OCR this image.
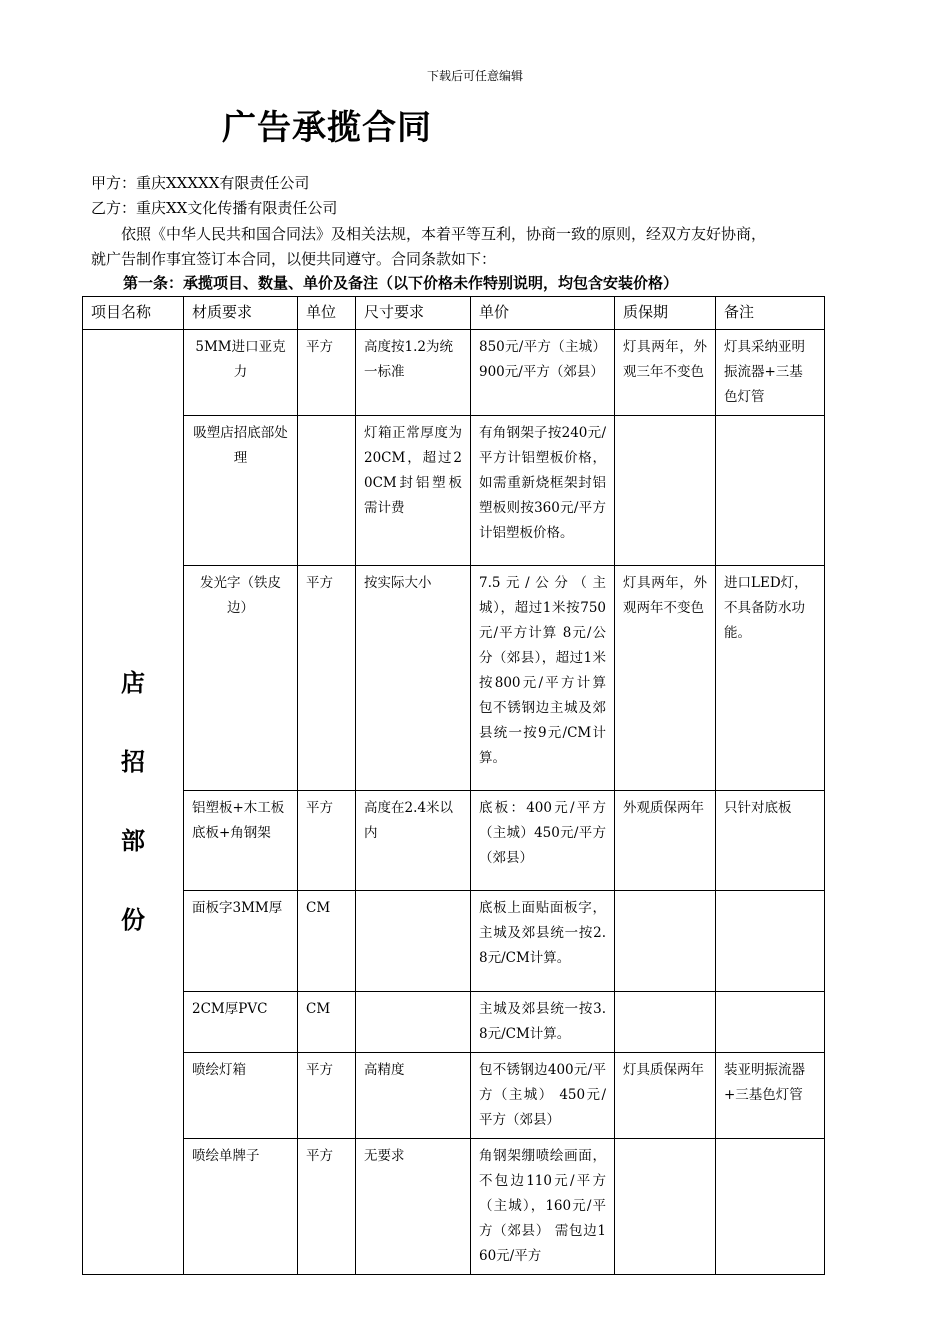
下载后可任意编辑
广告承揽合同
甲方：重庆XXXXX有限责任公司
乙方：重庆XX文化传播有限责任公司
依照《中华人民共和国合同法》及相关法规，本着平等互利，协商一致的原则，经双方友好协商，
就广告制作事宜签订本合同，以便共同遵守。合同条款如下：
第一条：承揽项目、数量、单价及备注（以下价格未作特别说明，均包含安装价格）
项目名称	材质要求	单位	尺寸要求	单价	质保期	备注

店
招
部
份	5MM进口亚克力	平方	高度按1.2为统一标准	850元/平方（主城）900元/平方（郊县）	灯具两年，外观三年不变色	灯具采纳亚明振流器+三基色灯管
	吸塑店招底部处理		灯箱正常厚度为20CM，超过20CM封铝塑板需计费	有角钢架子按240元/平方计铝塑板价格，如需重新烧框架封铝塑板则按360元/平方计铝塑板价格。		
	发光字（铁皮边）	平方	按实际大小	7.5元/公分（主城），超过1米按750元/平方计算 8元/公分（郊县），超过1米按800元/平方计算 包不锈钢边主城及郊县统一按9元/CM计算。	灯具两年，外观两年不变色	进口LED灯，不具备防水功能。
	铝塑板+木工板底板+角钢架	平方	高度在2.4米以内	底板：400元/平方（主城）450元/平方（郊县）	外观质保两年	只针对底板
	面板字3MM厚	CM		底板上面贴面板字，主城及郊县统一按2.8元/CM计算。		
	2CM厚PVC	CM		主城及郊县统一按3.8元/CM计算。		
	喷绘灯箱	平方	高精度	包不锈钢边400元/平方（主城） 450元/平方（郊县）	灯具质保两年	装亚明振流器+三基色灯管
	喷绘单牌子	平方	无要求	角钢架绷喷绘画面，不包边110元/平方（主城），160元/平方（郊县） 需包边160元/平方		
